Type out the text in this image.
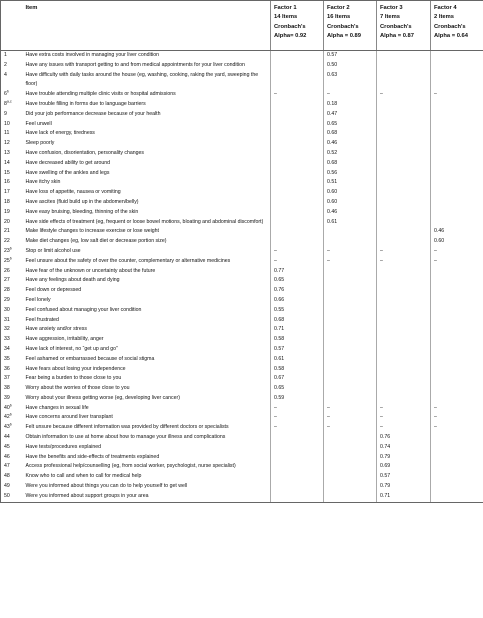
	Item	Factor 1
14 Items
Cronbach's
Alpha= 0.92	Factor 2
16 Items
Cronbach's
Alpha = 0.89	Factor 3
7 Items
Cronbach's
Alpha = 0.87	Factor 4
2 Items
Cronbach's
Alpha = 0.64

1	Have extra costs involved in managing your liver condition		0.57		
2	Have any issues with transport getting to and from medical appointments for your liver condition		0.50		
4	Have difficulty with daily tasks around the house (eg, washing, cooking, raking the yard, sweeping the floor)		0.63		
6$^b$	Have trouble attending multiple clinic visits or hospital admissions	–	–	–	–
8$^{a,c}$	Have trouble filling in forms due to language barriers		0.18		
9	Did your job performance decrease because of your health		0.47		
10	Feel unwell		0.65		
11	Have lack of energy, tiredness		0.68		
12	Sleep poorly		0.46		
13	Have confusion, disorientation, personality changes		0.52		
14	Have decreased ability to get around		0.68		
15	Have swelling of the ankles and legs		0.56		
16	Have itchy skin		0.51		
17	Have loss of appetite, nausea or vomiting		0.60		
18	Have ascites (fluid build up in the abdomen/belly)		0.60		
19	Have easy bruising, bleeding, thinning of the skin		0.46		
20	Have side effects of treatment (eg, frequent or loose bowel motions, bloating and abdominal discomfort)		0.61		
21	Make lifestyle changes to increase exercise or lose weight				0.46
22	Make diet changes (eg, low salt diet or decrease portion size)				0.60
23$^b$	Stop or limit alcohol use	–	–	–	–
25$^b$	Feel unsure about the safety of over the counter, complementary or alternative medicines	–	–	–	–
26	Have fear of the unknown or uncertainty about the future	0.77			
27	Have any feelings about death and dying	0.65			
28	Feel down or depressed	0.76			
29	Feel lonely	0.66			
30	Feel confused about managing your liver condition	0.55			
31	Feel frustrated	0.68			
32	Have anxiety and/or stress	0.71			
33	Have aggression, irritability, anger	0.58			
34	Have lack of interest, no “get up and go”	0.57			
35	Feel ashamed or embarrassed because of social stigma	0.61			
36	Have fears about losing your independence	0.58			
37	Fear being a burden to those close to you	0.67			
38	Worry about the worries of those close to you	0.65			
39	Worry about your illness getting worse (eg, developing liver cancer)	0.59			
40$^b$	Have changes in sexual life	–	–	–	–
42$^b$	Have concerns around liver transplant	–	–	–	–
43$^b$	Felt unsure because different information was provided by different doctors or specialists	–	–	–	–
44	Obtain information to use at home about how to manage your illness and complications			0.76	
45	Have tests/procedures explained			0.74	
46	Have the benefits and side-effects of treatments explained			0.79	
47	Access professional help/counselling (eg, from social worker, psychologist, nurse specialist)			0.69	
48	Know who to call and when to call for medical help			0.57	
49	Were you informed about things you can do to help yourself to get well			0.79	
50	Were you informed about support groups in your area			0.71	
